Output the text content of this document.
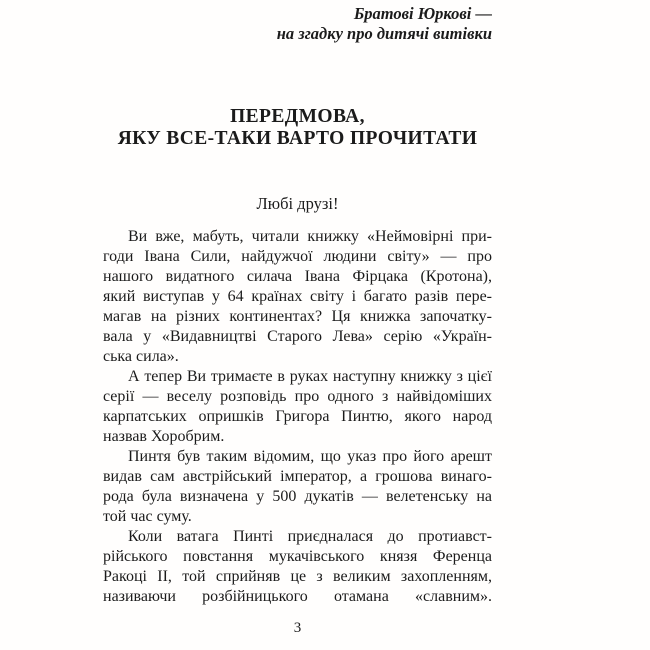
Братові Юркові —
на згадку про дитячі витівки
ПЕРЕДМОВА,
ЯКУ ВСЕ-ТАКИ ВАРТО ПРОЧИТАТИ
Любі друзі!
Ви вже, мабуть, читали книжку «Неймовірні при-
годи Івана Сили, найдужчої людини світу» — про
нашого видатного силача Івана Фірцака (Кротона),
який виступав у 64 країнах світу і багато разів пере-
магав на різних континентах? Ця книжка започатку-
вала у «Видавництві Старого Лева» серію «Україн-
ська сила».
А тепер Ви тримаєте в руках наступну книжку з цієї
серії — веселу розповідь про одного з найвідоміших
карпатських опришків Григора Пинтю, якого народ
назвав Хоробрим.
Пинтя був таким відомим, що указ про його арешт
видав сам австрійський імператор, а грошова винаго-
рода була визначена у 500 дукатів — велетенську на
той час суму.
Коли ватага Пинті приєдналася до протиавст-
рійського повстання мукачівського князя Ференца
Ракоці II, той сприйняв це з великим захопленням,
називаючи розбійницького отамана «славним».
3
